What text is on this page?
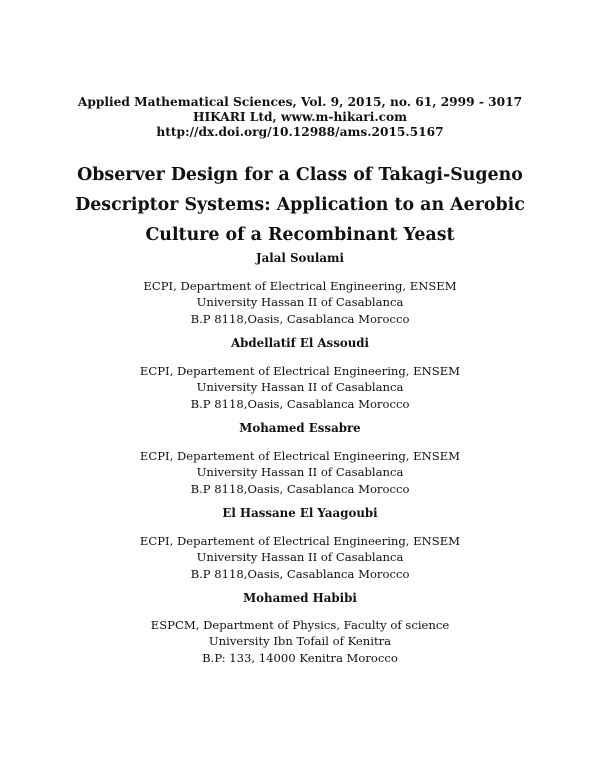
Applied Mathematical Sciences, Vol. 9, 2015, no. 61, 2999 - 3017
HIKARI Ltd, www.m-hikari.com
http://dx.doi.org/10.12988/ams.2015.5167
Observer Design for a Class of Takagi-Sugeno
Descriptor Systems: Application to an Aerobic
Culture of a Recombinant Yeast
Jalal Soulami
ECPI, Department of Electrical Engineering, ENSEM
University Hassan II of Casablanca
B.P 8118,Oasis, Casablanca Morocco
Abdellatif El Assoudi
ECPI, Departement of Electrical Engineering, ENSEM
University Hassan II of Casablanca
B.P 8118,Oasis, Casablanca Morocco
Mohamed Essabre
ECPI, Departement of Electrical Engineering, ENSEM
University Hassan II of Casablanca
B.P 8118,Oasis, Casablanca Morocco
El Hassane El Yaagoubi
ECPI, Departement of Electrical Engineering, ENSEM
University Hassan II of Casablanca
B.P 8118,Oasis, Casablanca Morocco
Mohamed Habibi
ESPCM, Department of Physics, Faculty of science
University Ibn Tofail of Kenitra
B.P: 133, 14000 Kenitra Morocco
